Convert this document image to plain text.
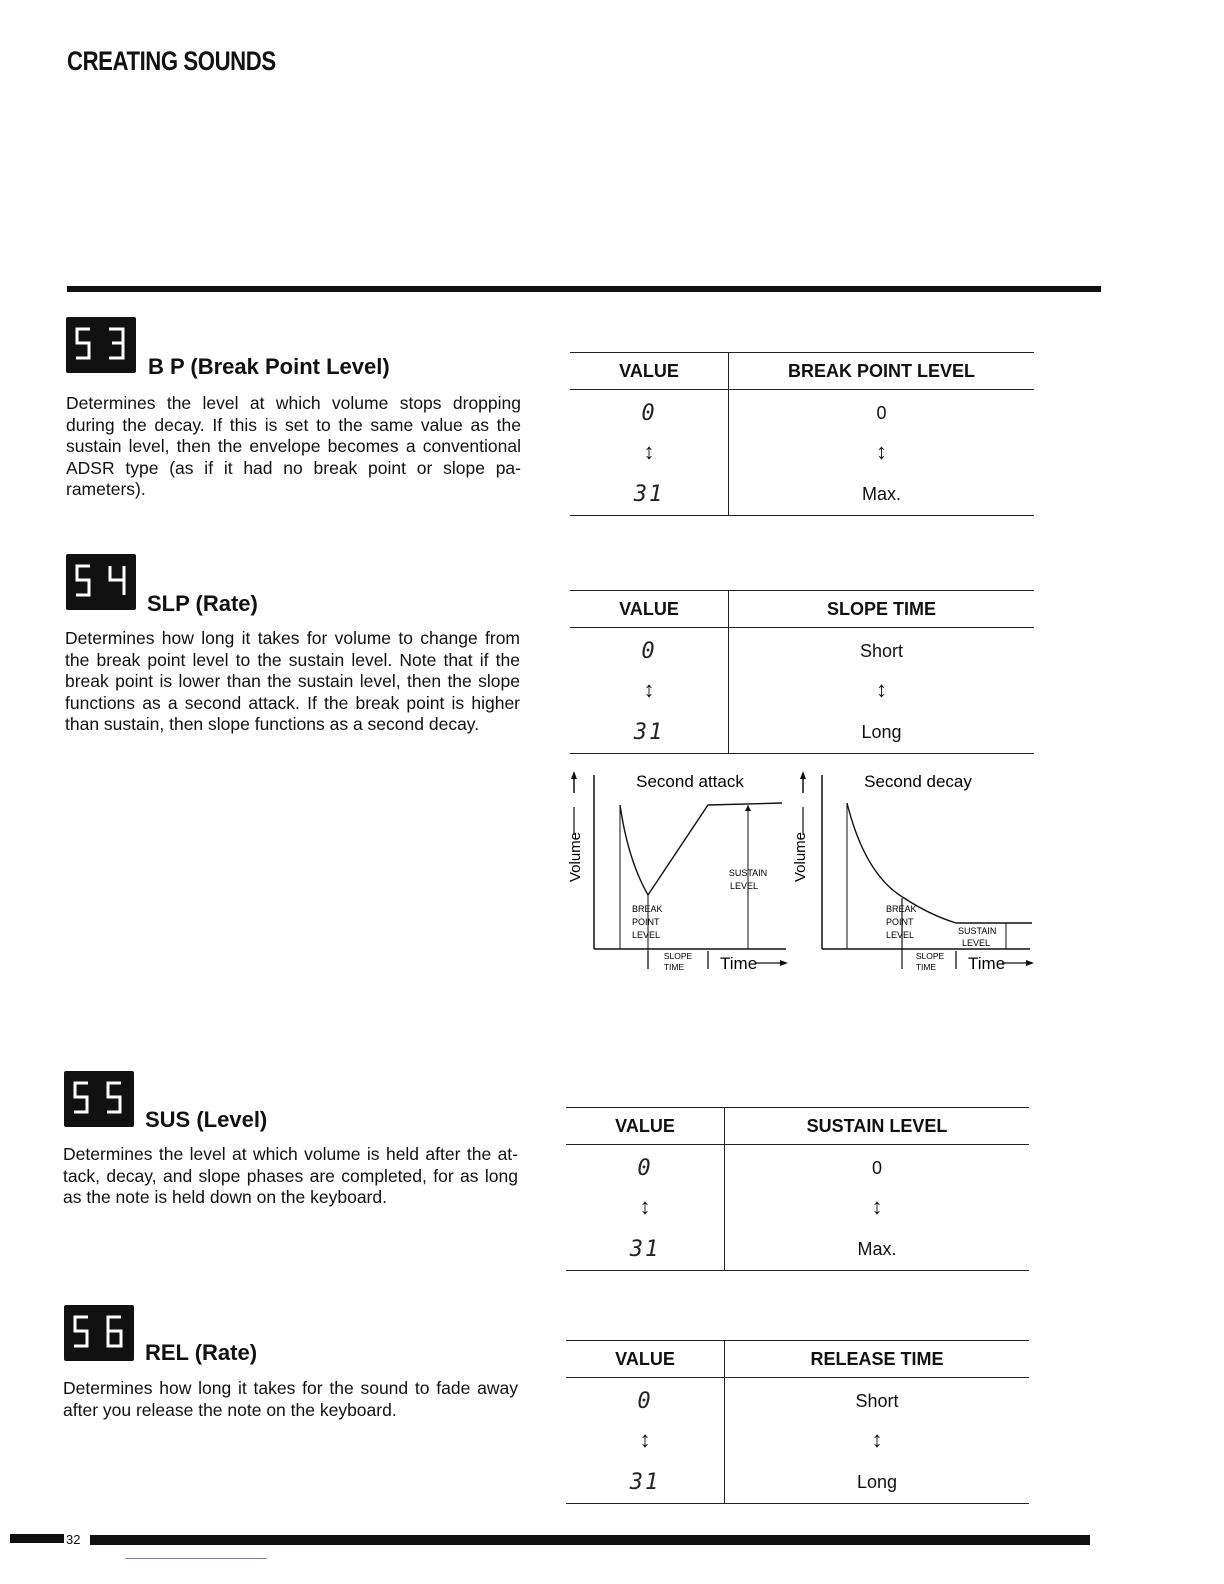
CREATING SOUNDS
B P (Break Point Level)
Determines the level at which volume stops dropping during the decay. If this is set to the same value as the sustain level, then the envelope becomes a conventional ADSR type (as if it had no break point or slope parameters).
VALUE	BREAK POINT LEVEL
0	0
↕	↕
31	Max.
SLP (Rate)
Determines how long it takes for volume to change from the break point level to the sustain level. Note that if the break point is lower than the sustain level, then the slope functions as a second attack. If the break point is higher than sustain, then slope functions as a second decay.
VALUE	SLOPE TIME
0	Short
↕	↕
31	Long
Volume
Second attack
SUSTAIN
LEVEL
BREAK
POINT
LEVEL
SLOPE
TIME Time
Volume
Second decay
BREAK
POINT
LEVEL	SUSTAIN
LEVEL
SLOPE
TIME Time
SUS (Level)
Determines the level at which volume is held after the attack, decay, and slope phases are completed, for as long as the note is held down on the keyboard.
VALUE	SUSTAIN LEVEL
0	0
↕	↕
31	Max.
REL (Rate)
Determines how long it takes for the sound to fade away after you release the note on the keyboard.
VALUE	RELEASE TIME
0	Short
↕	↕
31	Long
32
